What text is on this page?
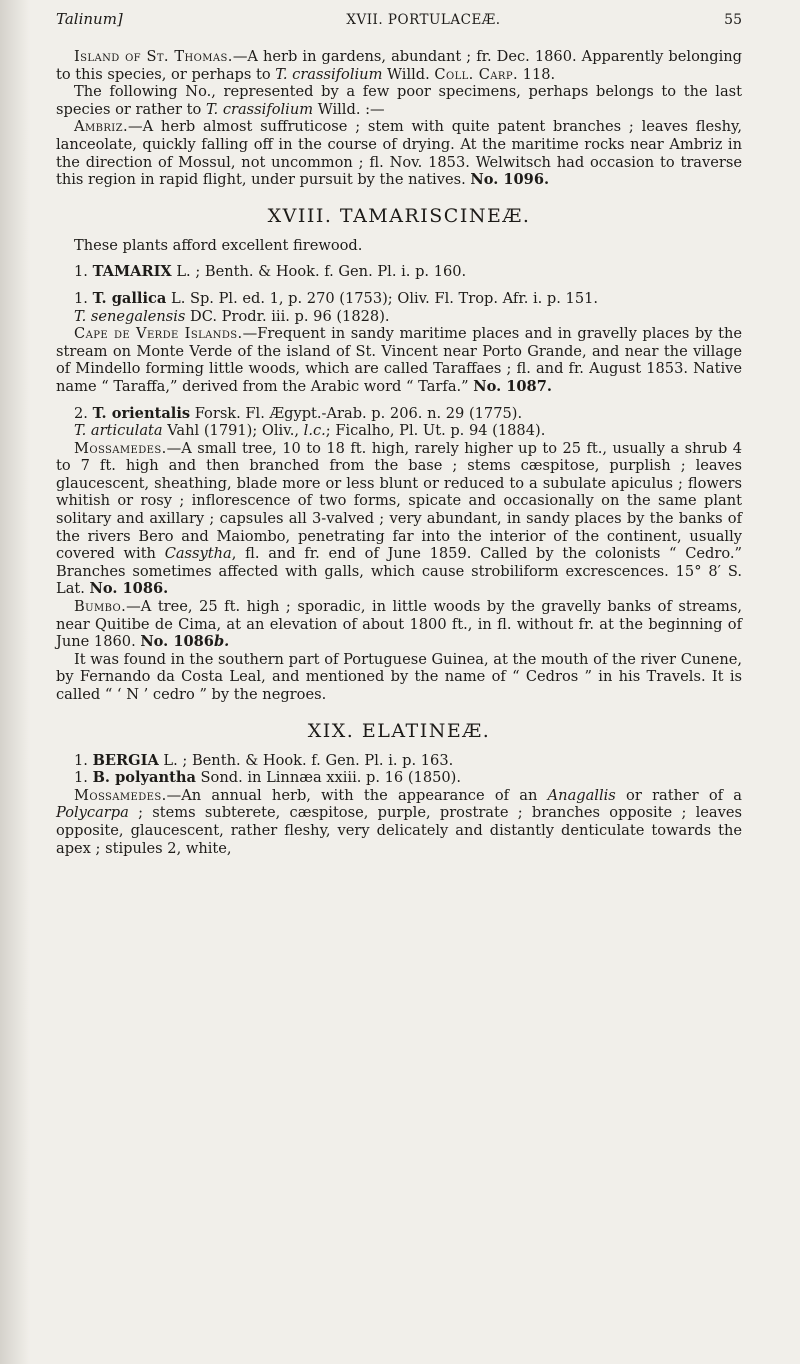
Talinum]	XVII. PORTULACEÆ.	55

Island of St. Thomas.—A herb in gardens, abundant ; fr. Dec. 1860. Apparently belonging to this species, or perhaps to T. crassifolium Willd. Coll. Carp. 118.

The following No., represented by a few poor specimens, perhaps belongs to the last species or rather to T. crassifolium Willd. :—

Ambriz.—A herb almost suffruticose ; stem with quite patent branches ; leaves fleshy, lanceolate, quickly falling off in the course of drying. At the maritime rocks near Ambriz in the direction of Mossul, not uncommon ; fl. Nov. 1853. Welwitsch had occasion to traverse this region in rapid flight, under pursuit by the natives. No. 1096.

XVIII. TAMARISCINEÆ.

These plants afford excellent firewood.

1. TAMARIX L. ; Benth. & Hook. f. Gen. Pl. i. p. 160.

1. T. gallica L. Sp. Pl. ed. 1, p. 270 (1753); Oliv. Fl. Trop. Afr. i. p. 151.

T. senegalensis DC. Prodr. iii. p. 96 (1828).

Cape de Verde Islands.—Frequent in sandy maritime places and in gravelly places by the stream on Monte Verde of the island of St. Vincent near Porto Grande, and near the village of Mindello forming little woods, which are called Taraffaes ; fl. and fr. August 1853. Native name “ Taraffa,” derived from the Arabic word “ Tarfa.” No. 1087.

2. T. orientalis Forsk. Fl. Ægypt.-Arab. p. 206. n. 29 (1775).

T. articulata Vahl (1791); Oliv., l.c.; Ficalho, Pl. Ut. p. 94 (1884).

Mossamedes.—A small tree, 10 to 18 ft. high, rarely higher up to 25 ft., usually a shrub 4 to 7 ft. high and then branched from the base ; stems cæspitose, purplish ; leaves glaucescent, sheathing, blade more or less blunt or reduced to a subulate apiculus ; flowers whitish or rosy ; inflorescence of two forms, spicate and occasionally on the same plant solitary and axillary ; capsules all 3-valved ; very abundant, in sandy places by the banks of the rivers Bero and Maiombo, penetrating far into the interior of the continent, usually covered with Cassytha, fl. and fr. end of June 1859. Called by the colonists “ Cedro.” Branches sometimes affected with galls, which cause strobiliform excrescences. 15° 8′ S. Lat. No. 1086.

Bumbo.—A tree, 25 ft. high ; sporadic, in little woods by the gravelly banks of streams, near Quitibe de Cima, at an elevation of about 1800 ft., in fl. without fr. at the beginning of June 1860. No. 1086b.

It was found in the southern part of Portuguese Guinea, at the mouth of the river Cunene, by Fernando da Costa Leal, and mentioned by the name of “ Cedros ” in his Travels. It is called “ ‘ N ’ cedro ” by the negroes.

XIX. ELATINEÆ.

1. BERGIA L. ; Benth. & Hook. f. Gen. Pl. i. p. 163.

1. B. polyantha Sond. in Linnæa xxiii. p. 16 (1850).

Mossamedes.—An annual herb, with the appearance of an Anagallis or rather of a Polycarpa ; stems subterete, cæspitose, purple, prostrate ; branches opposite ; leaves opposite, glaucescent, rather fleshy, very delicately and distantly denticulate towards the apex ; stipules 2, white,
